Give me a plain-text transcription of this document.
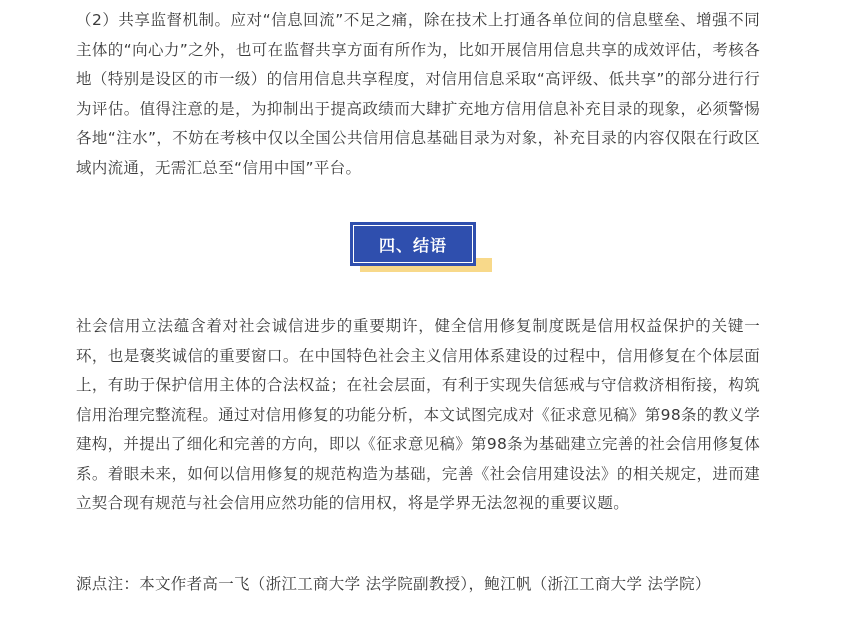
（2）共享监督机制。应对“信息回流”不足之痛，除在技术上打通各单位间的信息壁垒、增强不同主体的“向心力”之外，也可在监督共享方面有所作为，比如开展信用信息共享的成效评估，考核各地（特别是设区的市一级）的信用信息共享程度，对信用信息采取“高评级、低共享”的部分进行行为评估。值得注意的是，为抑制出于提高政绩而大肆扩充地方信用信息补充目录的现象，必须警惕各地“注水”，不妨在考核中仅以全国公共信用信息基础目录为对象，补充目录的内容仅限在行政区域内流通，无需汇总至“信用中国”平台。

四、结语

社会信用立法蕴含着对社会诚信进步的重要期许，健全信用修复制度既是信用权益保护的关键一环，也是褒奖诚信的重要窗口。在中国特色社会主义信用体系建设的过程中，信用修复在个体层面上，有助于保护信用主体的合法权益；在社会层面，有利于实现失信惩戒与守信救济相衔接，构筑信用治理完整流程。通过对信用修复的功能分析，本文试图完成对《征求意见稿》第98条的教义学建构，并提出了细化和完善的方向，即以《征求意见稿》第98条为基础建立完善的社会信用修复体系。着眼未来，如何以信用修复的规范构造为基础，完善《社会信用建设法》的相关规定，进而建立契合现有规范与社会信用应然功能的信用权，将是学界无法忽视的重要议题。

源点注：本文作者高一飞（浙江工商大学 法学院副教授），鲍江帆（浙江工商大学 法学院）
